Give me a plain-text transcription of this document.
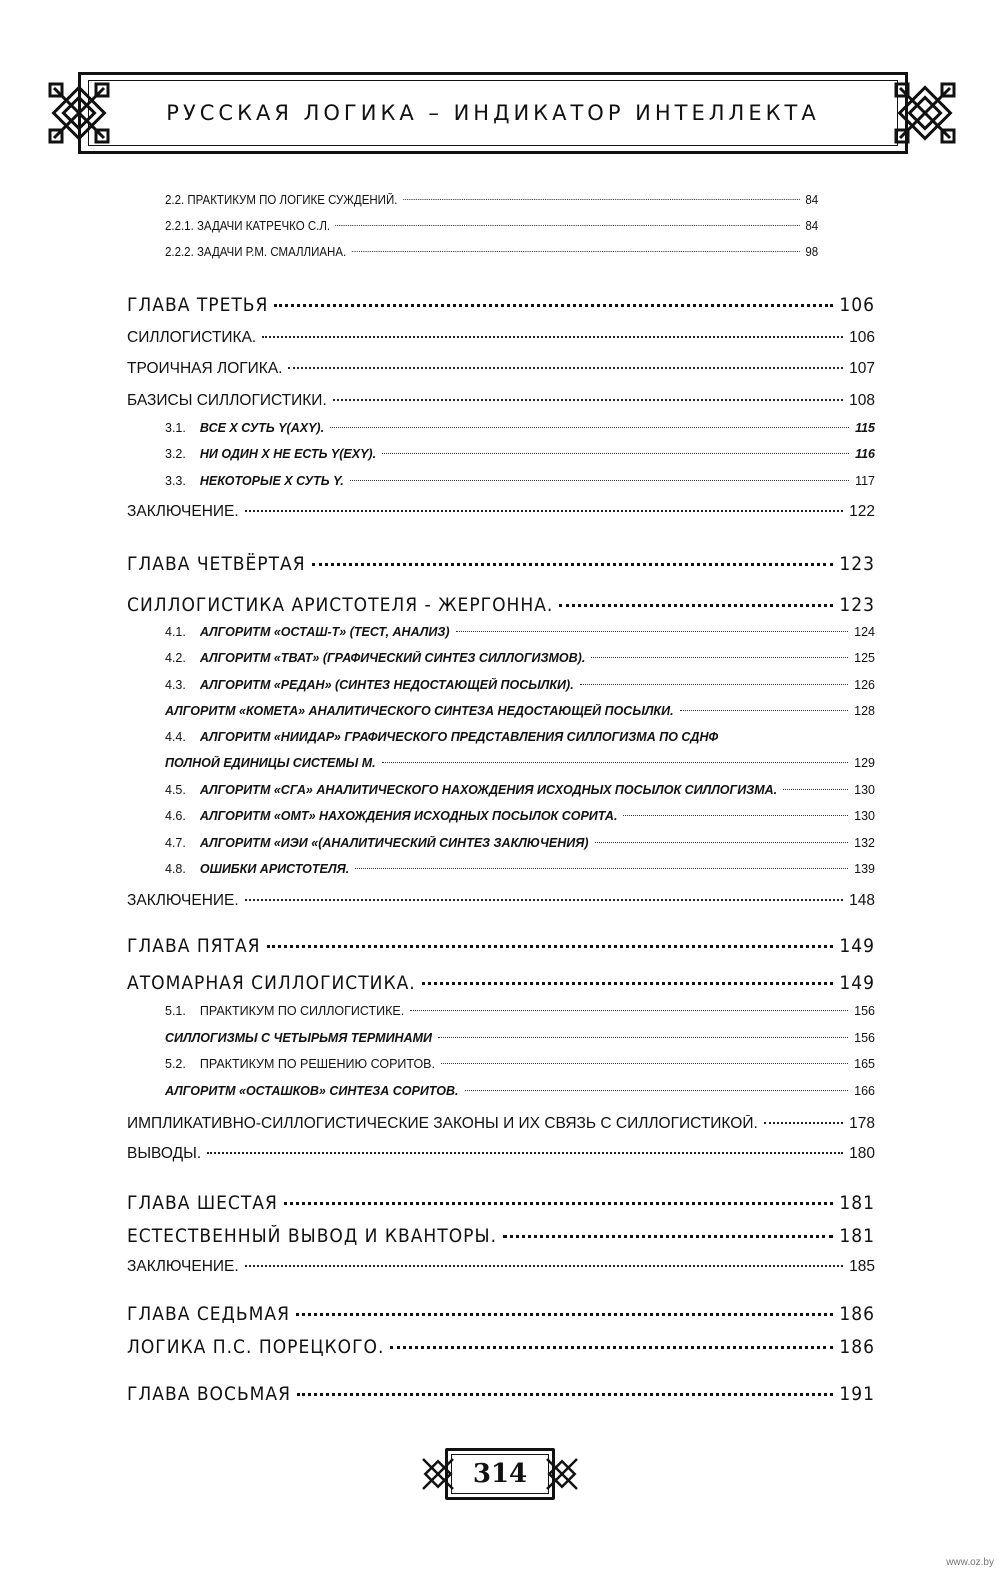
РУССКАЯ ЛОГИКА – ИНДИКАТОР ИНТЕЛЛЕКТА
2.2. ПРАКТИКУМ ПО ЛОГИКЕ СУЖДЕНИЙ.	84
2.2.1. ЗАДАЧИ КАТРЕЧКО С.Л.	84
2.2.2. ЗАДАЧИ Р.М. СМАЛЛИАНА.	98
ГЛАВА ТРЕТЬЯ	106
СИЛЛОГИСТИКА.	106
ТРОИЧНАЯ ЛОГИКА.	107
БАЗИСЫ СИЛЛОГИСТИКИ.	108
3.1. ВСЕ Х СУТЬ Y(AXY).	115
3.2. НИ ОДИН Х НЕ ЕСТЬ Y(EXY).	116
3.3. НЕКОТОРЫЕ Х СУТЬ Y.	117
ЗАКЛЮЧЕНИЕ.	122
ГЛАВА ЧЕТВЁРТАЯ	123
СИЛЛОГИСТИКА АРИСТОТЕЛЯ - ЖЕРГОННА.	123
4.1. АЛГОРИТМ «ОСТАШ-Т» (ТЕСТ, АНАЛИЗ)	124
4.2. АЛГОРИТМ «ТВАТ» (ГРАФИЧЕСКИЙ СИНТЕЗ СИЛЛОГИЗМОВ).	125
4.3. АЛГОРИТМ «РЕДАН» (СИНТЕЗ НЕДОСТАЮЩЕЙ ПОСЫЛКИ).	126
АЛГОРИТМ «КОМЕТА» АНАЛИТИЧЕСКОГО СИНТЕЗА НЕДОСТАЮЩЕЙ ПОСЫЛКИ.	128
4.4. АЛГОРИТМ «НИИДАР» ГРАФИЧЕСКОГО ПРЕДСТАВЛЕНИЯ СИЛЛОГИЗМА ПО СДНФ
ПОЛНОЙ ЕДИНИЦЫ СИСТЕМЫ М.	129
4.5. АЛГОРИТМ «СГА» АНАЛИТИЧЕСКОГО НАХОЖДЕНИЯ ИСХОДНЫХ ПОСЫЛОК СИЛЛОГИЗМА.	130
4.6. АЛГОРИТМ «ОМТ» НАХОЖДЕНИЯ ИСХОДНЫХ ПОСЫЛОК СОРИТА.	130
4.7. АЛГОРИТМ «ИЭИ «(АНАЛИТИЧЕСКИЙ СИНТЕЗ ЗАКЛЮЧЕНИЯ)	132
4.8. ОШИБКИ АРИСТОТЕЛЯ.	139
ЗАКЛЮЧЕНИЕ.	148
ГЛАВА ПЯТАЯ	149
АТОМАРНАЯ СИЛЛОГИСТИКА.	149
5.1. ПРАКТИКУМ ПО СИЛЛОГИСТИКЕ.	156
СИЛЛОГИЗМЫ С ЧЕТЫРЬМЯ ТЕРМИНАМИ	156
5.2. ПРАКТИКУМ ПО РЕШЕНИЮ СОРИТОВ.	165
АЛГОРИТМ «ОСТАШКОВ» СИНТЕЗА СОРИТОВ.	166
ИМПЛИКАТИВНО-СИЛЛОГИСТИЧЕСКИЕ ЗАКОНЫ И ИХ СВЯЗЬ С СИЛЛОГИСТИКОЙ.	178
ВЫВОДЫ.	180
ГЛАВА ШЕСТАЯ	181
ЕСТЕСТВЕННЫЙ ВЫВОД И КВАНТОРЫ.	181
ЗАКЛЮЧЕНИЕ.	185
ГЛАВА СЕДЬМАЯ	186
ЛОГИКА П.С. ПОРЕЦКОГО.	186
ГЛАВА ВОСЬМАЯ	191
314
www.oz.by
